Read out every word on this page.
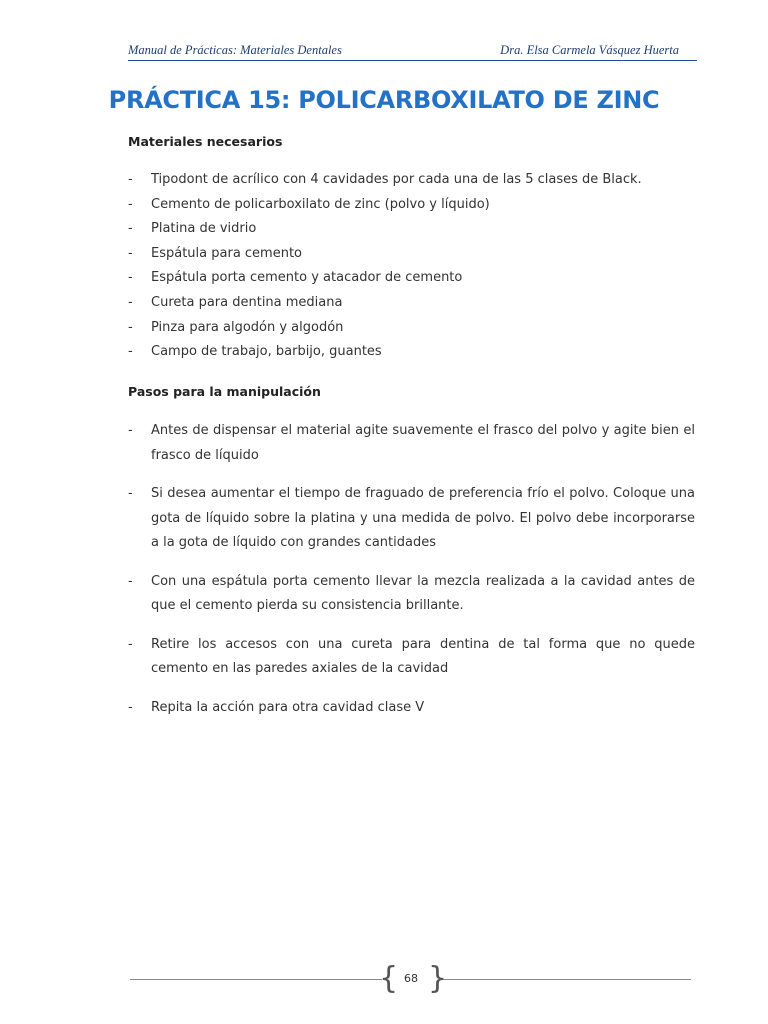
Manual de Prácticas: Materiales Dentales	Dra. Elsa Carmela Vásquez Huerta
PRÁCTICA 15: POLICARBOXILATO DE ZINC
Materiales necesarios
- Tipodont de acrílico con 4 cavidades por cada una de las 5 clases de Black.
- Cemento de policarboxilato de zinc (polvo y líquido)
- Platina de vidrio
- Espátula para cemento
- Espátula porta cemento y atacador de cemento
- Cureta para dentina mediana
- Pinza para algodón y algodón
- Campo de trabajo, barbijo, guantes
Pasos para la manipulación
- Antes de dispensar el material agite suavemente el frasco del polvo y agite bien el frasco de líquido
- Si desea aumentar el tiempo de fraguado de preferencia frío el polvo. Coloque una gota de líquido sobre la platina y una medida de polvo. El polvo debe incorporarse a la gota de líquido con grandes cantidades
- Con una espátula porta cemento llevar la mezcla realizada a la cavidad antes de que el cemento pierda su consistencia brillante.
- Retire los accesos con una cureta para dentina de tal forma que no quede cemento en las paredes axiales de la cavidad
- Repita la acción para otra cavidad clase V
{ 68 }
